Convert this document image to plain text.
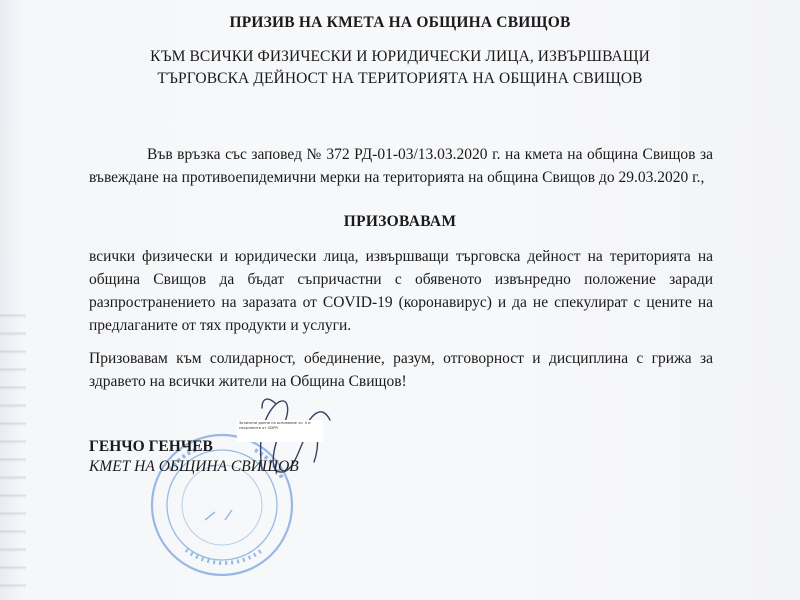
ПРИЗИВ НА КМЕТА НА ОБЩИНА СВИЩОВ
КЪМ ВСИЧКИ ФИЗИЧЕСКИ И ЮРИДИЧЕСКИ ЛИЦА, ИЗВЪРШВАЩИ
ТЪРГОВСКА ДЕЙНОСТ НА ТЕРИТОРИЯТА НА ОБЩИНА СВИЩОВ
Във връзка със заповед № 372 РД-01-03/13.03.2020 г. на кмета на община Свищов за въвеждане на противоепидемични мерки на територията на община Свищов до 29.03.2020 г.,
ПРИЗОВАВАМ
всички физически и юридически лица, извършващи търговска дейност на територията на община Свищов да бъдат съпричастни с обявеното извънредно положение заради разпространението на заразата от COVID-19 (коронавирус) и да не спекулират с цените на предлаганите от тях продукти и услуги.
Призовавам към солидарност, обединение, разум, отговорност и дисциплина с грижа за здравето на всички жители на Община Свищов!
Заличени данни на основание чл. 4 и свързаните от GDPR
ГЕНЧО ГЕНЧЕВ
КМЕТ НА ОБЩИНА СВИЩОВ
